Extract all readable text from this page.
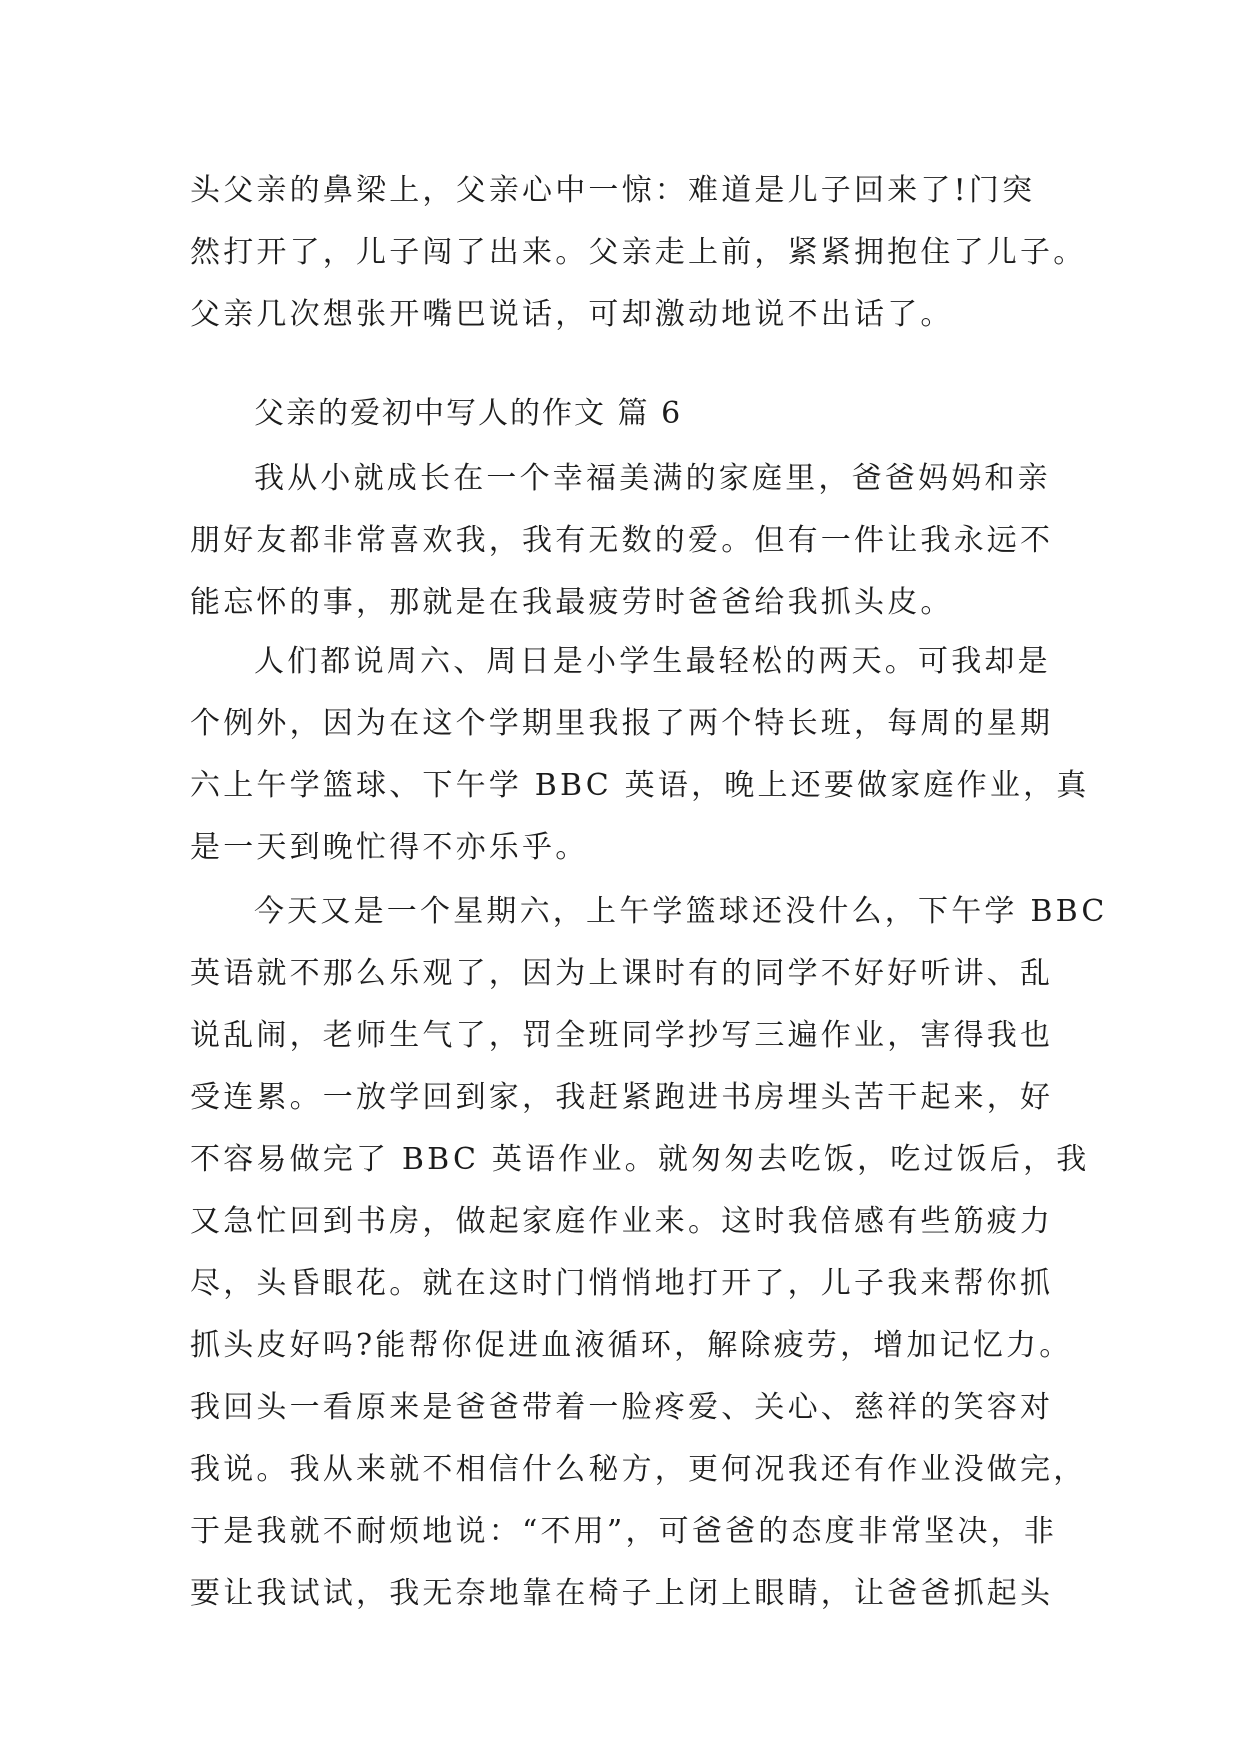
头父亲的鼻梁上，父亲心中一惊：难道是儿子回来了!门突
然打开了，儿子闯了出来。父亲走上前，紧紧拥抱住了儿子。
父亲几次想张开嘴巴说话，可却激动地说不出话了。
父亲的爱初中写人的作文 篇 6
我从小就成长在一个幸福美满的家庭里，爸爸妈妈和亲
朋好友都非常喜欢我，我有无数的爱。但有一件让我永远不
能忘怀的事，那就是在我最疲劳时爸爸给我抓头皮。
人们都说周六、周日是小学生最轻松的两天。可我却是
个例外，因为在这个学期里我报了两个特长班，每周的星期
六上午学篮球、下午学 BBC 英语，晚上还要做家庭作业，真
是一天到晚忙得不亦乐乎。
今天又是一个星期六，上午学篮球还没什么，下午学 BBC
英语就不那么乐观了，因为上课时有的同学不好好听讲、乱
说乱闹，老师生气了，罚全班同学抄写三遍作业，害得我也
受连累。一放学回到家，我赶紧跑进书房埋头苦干起来，好
不容易做完了 BBC 英语作业。就匆匆去吃饭，吃过饭后，我
又急忙回到书房，做起家庭作业来。这时我倍感有些筋疲力
尽，头昏眼花。就在这时门悄悄地打开了，儿子我来帮你抓
抓头皮好吗?能帮你促进血液循环，解除疲劳，增加记忆力。
我回头一看原来是爸爸带着一脸疼爱、关心、慈祥的笑容对
我说。我从来就不相信什么秘方，更何况我还有作业没做完，
于是我就不耐烦地说：“不用”，可爸爸的态度非常坚决，非
要让我试试，我无奈地靠在椅子上闭上眼睛，让爸爸抓起头
